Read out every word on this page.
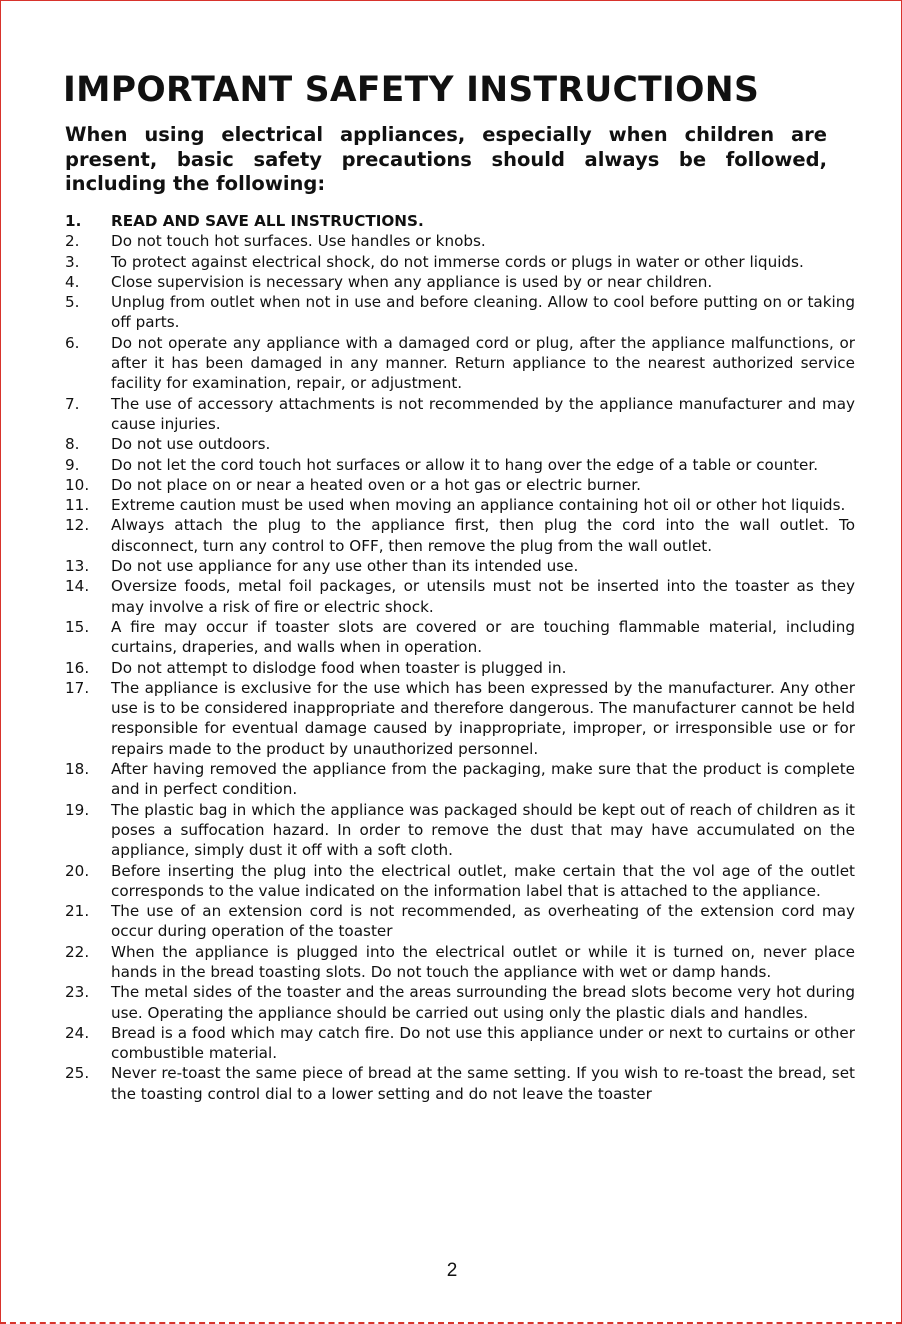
IMPORTANT SAFETY INSTRUCTIONS

When using electrical appliances, especially when children are present, basic safety precautions should always be followed, including the following:

1.	READ AND SAVE ALL INSTRUCTIONS.
2.	Do not touch hot surfaces. Use handles or knobs.
3.	To protect against electrical shock, do not immerse cords or plugs in water or other liquids.
4.	Close supervision is necessary when any appliance is used by or near children.
5.	Unplug from outlet when not in use and before cleaning. Allow to cool before putting on or taking off parts.
6.	Do not operate any appliance with a damaged cord or plug, after the appliance malfunctions, or after it has been damaged in any manner. Return appliance to the nearest authorized service facility for examination, repair, or adjustment.
7.	The use of accessory attachments is not recommended by the appliance manufacturer and may cause injuries.
8.	Do not use outdoors.
9.	Do not let the cord touch hot surfaces or allow it to hang over the edge of a table or counter.
10.	Do not place on or near a heated oven or a hot gas or electric burner.
11.	Extreme caution must be used when moving an appliance containing hot oil or other hot liquids.
12.	Always attach the plug to the appliance first, then plug the cord into the wall outlet. To disconnect, turn any control to OFF, then remove the plug from the wall outlet.
13.	Do not use appliance for any use other than its intended use.
14.	Oversize foods, metal foil packages, or utensils must not be inserted into the toaster as they may involve a risk of fire or electric shock.
15.	A fire may occur if toaster slots are covered or are touching flammable material, including curtains, draperies, and walls when in operation.
16.	Do not attempt to dislodge food when toaster is plugged in.
17.	The appliance is exclusive for the use which has been expressed by the manufacturer. Any other use is to be considered inappropriate and therefore dangerous. The manufacturer cannot be held responsible for eventual damage caused by inappropriate, improper, or irresponsible use or for repairs made to the product by unauthorized personnel.
18.	After having removed the appliance from the packaging, make sure that the product is complete and in perfect condition.
19.	The plastic bag in which the appliance was packaged should be kept out of reach of children as it poses a suffocation hazard. In order to remove the dust that may have accumulated on the appliance, simply dust it off with a soft cloth.
20.	Before inserting the plug into the electrical outlet, make certain that the vol age of the outlet corresponds to the value indicated on the information label that is attached to the appliance.
21.	The use of an extension cord is not recommended, as overheating of the extension cord may occur during operation of the toaster
22.	When the appliance is plugged into the electrical outlet or while it is turned on, never place hands in the bread toasting slots. Do not touch the appliance with wet or damp hands.
23.	The metal sides of the toaster and the areas surrounding the bread slots become very hot during use. Operating the appliance should be carried out using only the plastic dials and handles.
24.	Bread is a food which may catch fire. Do not use this appliance under or next to curtains or other combustible material.
25.	Never re-toast the same piece of bread at the same setting. If you wish to re-toast the bread, set the toasting control dial to a lower setting and do not leave the toaster
2
